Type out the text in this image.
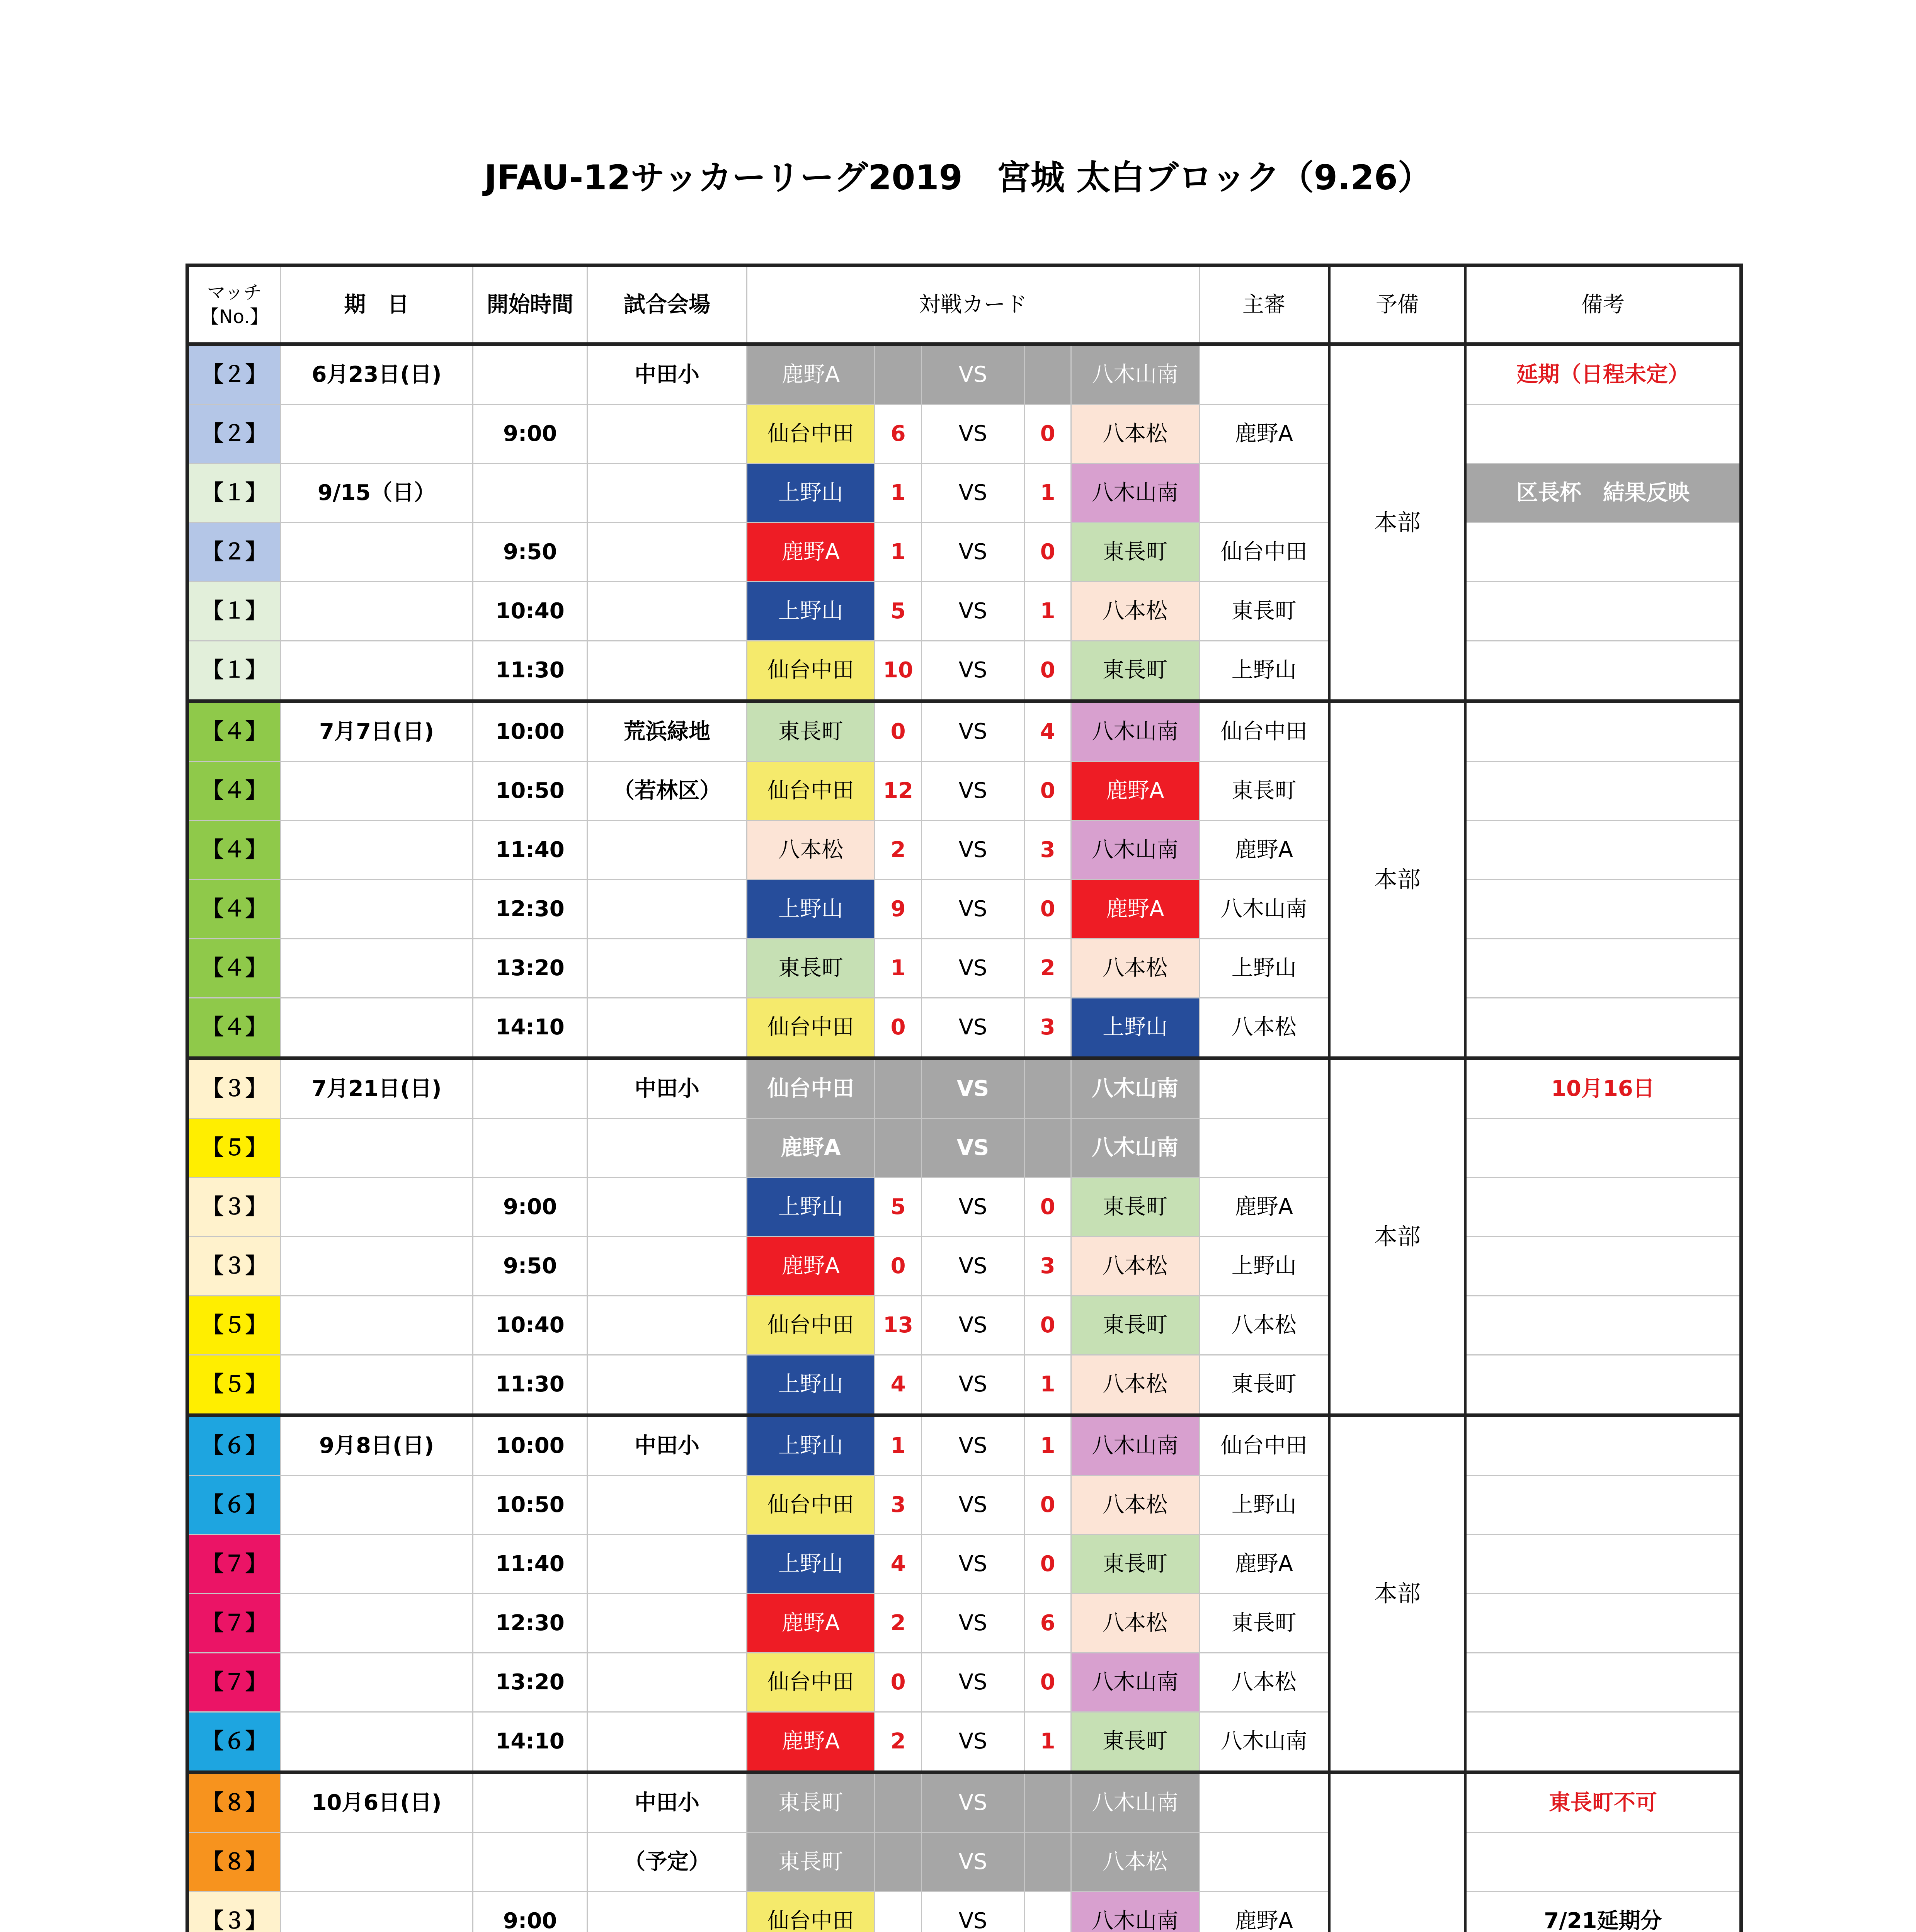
JFAU-12サッカーリーグ2019　宮城 太白ブロック（9.26）
マッチ
【No.】	期　日	開始時間	試合会場	対戦カード					主審	予備	備考
【２】	6月23日(日)		中田小	鹿野A		VS		八木山南		本部	延期（日程未定）
【２】		9:00		仙台中田	6	VS	0	八本松	鹿野A		
【１】	9/15（日）			上野山	1	VS	1	八木山南			区長杯　結果反映
【２】		9:50		鹿野A	1	VS	0	東長町	仙台中田		
【１】		10:40		上野山	5	VS	1	八本松	東長町		
【１】		11:30		仙台中田	10	VS	0	東長町	上野山		
【４】	7月7日(日)	10:00	荒浜緑地	東長町	0	VS	4	八木山南	仙台中田	本部	
【４】		10:50	（若林区）	仙台中田	12	VS	0	鹿野A	東長町		
【４】		11:40		八本松	2	VS	3	八木山南	鹿野A		
【４】		12:30		上野山	9	VS	0	鹿野A	八木山南		
【４】		13:20		東長町	1	VS	2	八本松	上野山		
【４】		14:10		仙台中田	0	VS	3	上野山	八本松		
【３】	7月21日(日)		中田小	仙台中田		VS		八木山南		本部	10月16日
【５】				鹿野A		VS		八木山南			
【３】		9:00		上野山	5	VS	0	東長町	鹿野A		
【３】		9:50		鹿野A	0	VS	3	八本松	上野山		
【５】		10:40		仙台中田	13	VS	0	東長町	八本松		
【５】		11:30		上野山	4	VS	1	八本松	東長町		
【６】	9月8日(日)	10:00	中田小	上野山	1	VS	1	八木山南	仙台中田	本部	
【６】		10:50		仙台中田	3	VS	0	八本松	上野山		
【７】		11:40		上野山	4	VS	0	東長町	鹿野A		
【７】		12:30		鹿野A	2	VS	6	八本松	東長町		
【７】		13:20		仙台中田	0	VS	0	八木山南	八本松		
【６】		14:10		鹿野A	2	VS	1	東長町	八木山南		
【８】	10月6日(日)		中田小	東長町		VS		八木山南			東長町不可
【８】			（予定）	東長町		VS		八本松			
【３】		9:00		仙台中田		VS		八木山南	鹿野A		7/21延期分
